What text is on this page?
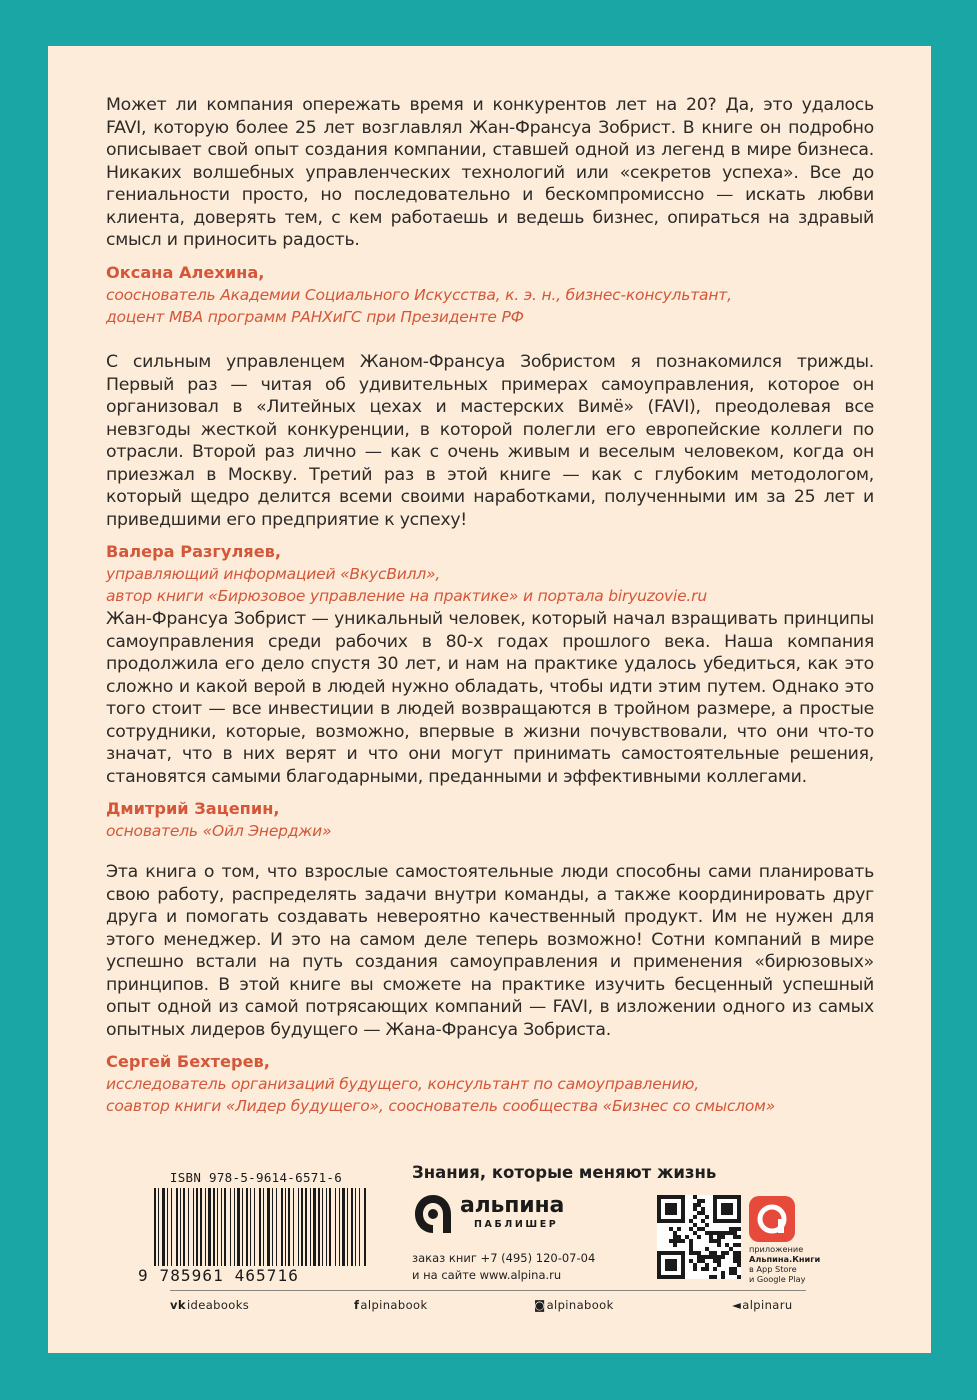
Может ли компания опережать время и конкурентов лет на 20? Да, это удалось FAVI, которую более 25 лет возглавлял Жан-Франсуа Зобрист. В книге он подробно описывает свой опыт создания компании, ставшей одной из легенд в мире бизнеса. Никаких волшебных управленческих технологий или «секретов успеха». Все до гениальности просто, но последовательно и бескомпромиссно — искать любви клиента, доверять тем, с кем работаешь и ведешь бизнес, опираться на здравый смысл и приносить радость.

Оксана Алехина,
сооснователь Академии Социального Искусства, к. э. н., бизнес-консультант,
доцент MBA программ РАНХиГС при Президенте РФ

С сильным управленцем Жаном-Франсуа Зобристом я познакомился трижды. Первый раз — читая об удивительных примерах самоуправления, которое он организовал в «Литейных цехах и мастерских Вимё» (FAVI), преодолевая все невзгоды жесткой конкуренции, в которой полегли его европейские коллеги по отрасли. Второй раз лично — как с очень живым и веселым человеком, когда он приезжал в Москву. Третий раз в этой книге — как с глубоким методологом, который щедро делится всеми своими наработками, полученными им за 25 лет и приведшими его предприятие к успеху!

Валера Разгуляев,
управляющий информацией «ВкусВилл»,
автор книги «Бирюзовое управление на практике» и портала biryuzovie.ru

Жан-Франсуа Зобрист — уникальный человек, который начал взращивать принципы самоуправления среди рабочих в 80-х годах прошлого века. Наша компания продолжила его дело спустя 30 лет, и нам на практике удалось убедиться, как это сложно и какой верой в людей нужно обладать, чтобы идти этим путем. Однако это того стоит — все инвестиции в людей возвращаются в тройном размере, а простые сотрудники, которые, возможно, впервые в жизни почувствовали, что они что-то значат, что в них верят и что они могут принимать самостоятельные решения, становятся самыми благодарными, преданными и эффективными коллегами.

Дмитрий Зацепин,
основатель «Ойл Энерджи»

Эта книга о том, что взрослые самостоятельные люди способны сами планировать свою работу, распределять задачи внутри команды, а также координировать друг друга и помогать создавать невероятно качественный продукт. Им не нужен для этого менеджер. И это на самом деле теперь возможно! Сотни компаний в мире успешно встали на путь создания самоуправления и применения «бирюзовых» принципов. В этой книге вы сможете на практике изучить бесценный успешный опыт одной из самой потрясающих компаний — FAVI, в изложении одного из самых опытных лидеров будущего — Жана-Франсуа Зобриста.

Сергей Бехтерев,
исследователь организаций будущего, консультант по самоуправлению,
соавтор книги «Лидер будущего», сооснователь сообщества «Бизнес со смыслом»
ISBN 978-5-9614-6571-6
9 785961 465716
Знания, которые меняют жизнь
альпина
ПАБЛИШЕР
заказ книг +7 (495) 120-07-04
и на сайте www.alpina.ru
приложение
Альпина.Книги
в App Store
и Google Play
vkideabooks	falpinabook	◙alpinabook	◄alpinaru
